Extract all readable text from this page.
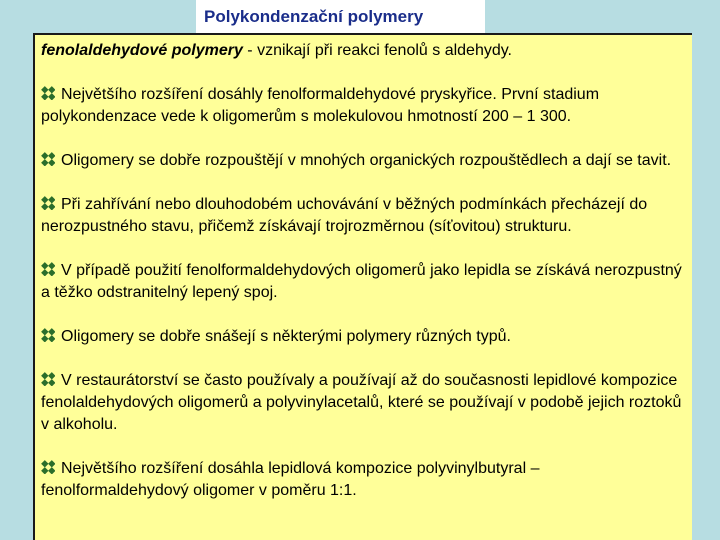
Polykondenzační polymery

fenolaldehydové polymery - vznikají při reakci fenolů s aldehydy.

Největšího rozšíření dosáhly fenolformaldehydové pryskyřice. První stadium polykondenzace vede k oligomerům s molekulovou hmotností 200 – 1 300.

Oligomery se dobře rozpouštějí v mnohých organických rozpouštědlech a dají se tavit.

Při zahřívání nebo dlouhodobém uchovávání v běžných podmínkách přecházejí do nerozpustného stavu, přičemž získávají trojrozměrnou (síťovitou) strukturu.

V případě použití fenolformaldehydových oligomerů jako lepidla se získává nerozpustný a těžko odstranitelný lepený spoj.

Oligomery se dobře snášejí s některými polymery různých typů.

V restaurátorství se často používaly a používají až do současnosti lepidlové kompozice fenolaldehydových oligomerů a polyvinylacetalů, které se používají v podobě jejich roztoků v alkoholu.

Největšího rozšíření dosáhla lepidlová kompozice polyvinylbutyral – fenolformaldehydový oligomer v poměru 1:1.
